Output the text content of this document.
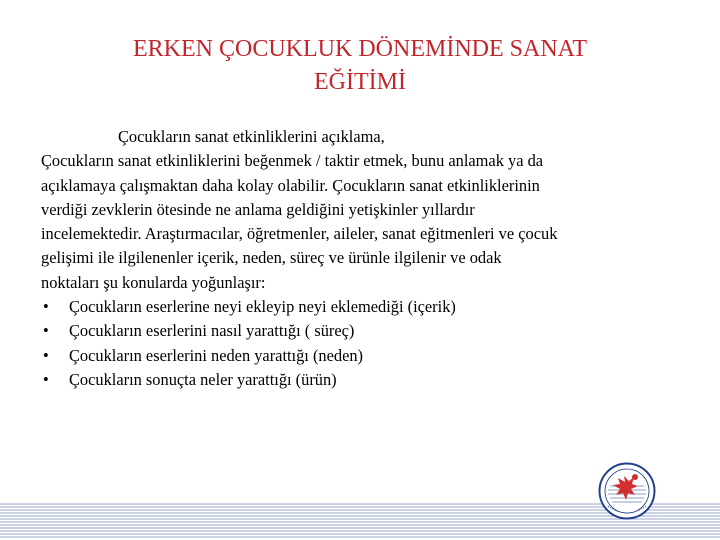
ERKEN ÇOCUKLUK DÖNEMİNDE SANAT
EĞİTİMİ
Çocukların sanat etkinliklerini açıklama,
Çocukların sanat etkinliklerini beğenmek / taktir etmek, bunu anlamak ya da
açıklamaya çalışmaktan daha kolay olabilir. Çocukların sanat etkinliklerinin
verdiği zevklerin ötesinde ne anlama geldiğini yetişkinler yıllardır
incelemektedir. Araştırmacılar, öğretmenler, aileler, sanat eğitmenleri ve çocuk
gelişimi ile ilgilenenler içerik, neden, süreç ve ürünle ilgilenir ve odak
noktaları şu konularda yoğunlaşır:
• Çocukların eserlerine neyi ekleyip neyi eklemediği (içerik)
• Çocukların eserlerini nasıl yarattığı ( süreç)
• Çocukların eserlerini neden yarattığı (neden)
• Çocukların sonuçta neler yarattığı (ürün)
